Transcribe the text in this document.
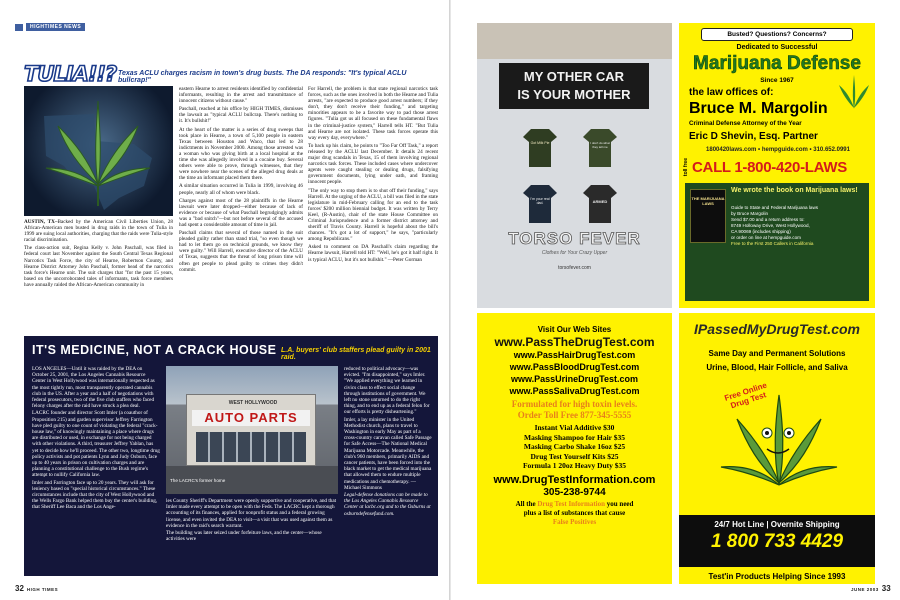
HIGHTIMES NEWS
TULIA!!? Texas ACLU charges racism in town's drug busts. The DA responds: "It's typical ACLU bullcrap!"

AUSTIN, TX–Backed by the American Civil Liberties Union, 28 African-American men busted in drug raids in the town of Tulia in 1999 are suing local authorities, charging that the raids were Tulia-style racial discrimination.

The class-action suit, Regina Kelly v. John Paschall, was filed in federal court last November against the South Central Texas Regional Narcotics Task Force, the city of Hearne, Robertson County, and Hearne District Attorney John Paschall, former head of the narcotics task force's Hearne unit. The suit charges that "for the past 15 years, based on the uncorroborated tales of informants, task force members have annually raided the African-American community in

eastern Hearne to arrest residents identified by confidential informants, resulting in the arrest and transmittance of innocent citizens without cause."

Paschall, reached at his office by HIGH TIMES, dismisses the lawsuit as "typical ACLU bullcrap. There's nothing to it. It's bullshit!"

At the heart of the matter is a series of drug sweeps that took place in Hearne, a town of 5,100 people in eastern Texas between Houston and Waco, that led to 28 indictments in November 2000. Among those arrested was a woman who was giving birth at a local hospital at the time she was allegedly involved in a cocaine buy. Several others were able to prove, through witnesses, that they were nowhere near the scenes of the alleged drug deals at the time an informant placed them there.

A similar situation occurred in Tulia in 1999, involving 46 people, nearly all of whom were black.

Charges against most of the 28 plaintiffs in the Hearne lawsuit were later dropped—either because of lack of evidence or because of what Paschall begrudgingly admits was a "bad snitch"—but not before several of the accused had spent a considerable amount of time in jail.

Paschall claims that several of those named in the suit pleaded guilty rather than stand trial, "so even though we had to let them go on technical grounds, we know they were guilty." Will Harrell, executive director of the ACLU of Texas, suggests that the threat of long prison time will often get people to plead guilty to crimes they didn't commit.

For Harrell, the problem is that state regional narcotics task forces, such as the ones involved in both the Hearne and Tulia arrests, "are expected to produce good arrest numbers; if they don't, they don't receive their funding," and targeting minorities appears to be a favorite way to pad those arrest figures. "Tulia got us all focused on these fundamental flaws in the criminal-justice system," Harrell tells HT. "But Tulia and Hearne are not isolated. These task forces operate this way every day, everywhere."

To back up his claim, he points to "Too Far Off Task," a report released by the ACLU last December. It details 24 recent major drug scandals in Texas, 15 of them involving regional narcotics task forces. These included cases where undercover agents were caught stealing or dealing drugs, falsifying government documents, lying under oath, and framing innocent people.

"The only way to stop them is to shut off their funding," says Harrell. At the urging of the ACLU, a bill was filed in the state legislature in mid-February calling for an end to the task forces' $200 million biennial budget. It was written by Terry Keel, (R-Austin), chair of the state House Committee on Criminal Jurisprudence and a former district attorney and sheriff of Travis County. Harrell is hopeful about the bill's chances. "It's got a lot of support," he says, "particularly among Republicans."

Asked to comment on DA Paschall's claim regarding the Hearne lawsuit, Harrell told HT: "Well, he's got it half right. It is typical ACLU, but it's not bullshit." —Peter Gorman

IT'S MEDICINE, NOT A CRACK HOUSE L.A. buyers' club staffers plead guilty in 2001 raid.

LOS ANGELES—Until it was raided by the DEA on October 25, 2001, the Los Angeles Cannabis Resource Center in West Hollywood was internationally respected as the most tightly run, most transparently operated cannabis club in the US. After a year and a half of negotiations with federal prosecutors, two of the five club staffers who faced felony charges after the raid have struck a plea deal.

LACRC founder and director Scott Imler (a coauthor of Proposition 215) and garden supervisor Jeffrey Farrington have pled guilty to one count of violating the federal "crack-house law," of knowingly maintaining a place where drugs are distributed or used, in exchange for not being charged with other violations. A third, treasurer Jeffrey Yablan, has yet to decide how he'll proceed. The other two, longtime drug policy activists and pot patients Lynn and Judy Osburn, face up to 40 years in prison on cultivation charges and are planning a constitutional challenge to the Bush regime's attempt to nullify California law.

Imler and Farrington face up to 20 years. They will ask for leniency based on "special historical circumstances." These circumstances include that the city of West Hollywood and the Wells Fargo Bank helped them buy the center's building, that Sheriff Lee Baca and the Los Ange-

WEST HOLLYWOOD
AUTO PARTS
The LACRC's former home

reduced to political advocacy—was evicted. "I'm disappointed," says Imler. "We applied everything we learned in civics class to effect social change through institutions of government. We left no stone unturned to do the right thing, and to end up as a federal felon for our efforts is pretty disheartening."

Imler, a lay minister in the United Methodist church, plans to travel to Washington in early May as part of a cross-country caravan called Safe Passage for Safe Access—The National Medical Marijuana Motorcade. Meanwhile, the club's 960 members, primarily AIDS and cancer patients, have been forced into the black market to get the medical marijuana that allowed them to endure multiple medications and chemotherapy. —Michael Simmons

Legal-defense donations can be made to the Los Angeles Cannabis Resource Center at lacbc.org and to the Osburns at osburndefensefund.com.

les County Sheriff's Department were openly supportive and cooperative, and that Imler made every attempt to be open with the Feds. The LACRC kept a thorough accounting of its finances, applied for nonprofit status and a federal growing license, and even invited the DEA to visit—a visit that was used against them as evidence in the raid's search warrant.

The building was later seized under forfeiture laws, and the center—whose activities were

32 HIGH TIMES
MY OTHER CAR
IS YOUR MOTHER
Got Milk Pie	I don't do what they tell me
I'm your real dad.	ARMED
TORSO FEVER
Clothes for Your Crazy Upper
torsofever.com
Busted? Questions? Concerns?
Dedicated to Successful
Marijuana Defense
Since 1967
the law offices of:
Bruce M. Margolin
Criminal Defense Attorney of the Year
Eric D Shevin, Esq. Partner
1800420laws.com • hempguide.com • 310.652.0991
toll free CALL 1-800-420-LAWS
THE MARIJUANA LAWS
We wrote the book on Marijuana laws!
Guide to State and Federal Marijuana laws
by Bruce Margolin
Send $7.00 and a return address to:
8749 Holloway Drive, West Hollywood,
CA 90069 (includes shipping)
or order on line at hempguide.com
Free to the First 250 Callers in California
Visit Our Web Sites
www.PassTheDrugTest.com
www.PassHairDrugTest.com
www.PassBloodDrugTest.com
www.PassUrineDrugTest.com
www.PassSalivaDrugTest.com
Formulated for high toxin levels.
Order Toll Free 877-345-5555
Instant Vial Additive $30
Masking Shampoo for Hair $35
Masking Carbo Shake 16oz $25
Drug Test Yourself Kits $25
Formula 1 20oz Heavy Duty $35
www.DrugTestInformation.com
305-238-9744
All the Drug Test Information you need
plus a list of substances that cause
False Positives
IPassedMyDrugTest.com
Same Day and Permanent Solutions
Urine, Blood, Hair Follicle, and Saliva
Free Online Drug Test
24/7 Hot Line | Overnite Shipping
1 800 733 4429
Test'in Products Helping Since 1993
JUNE 2003 33
